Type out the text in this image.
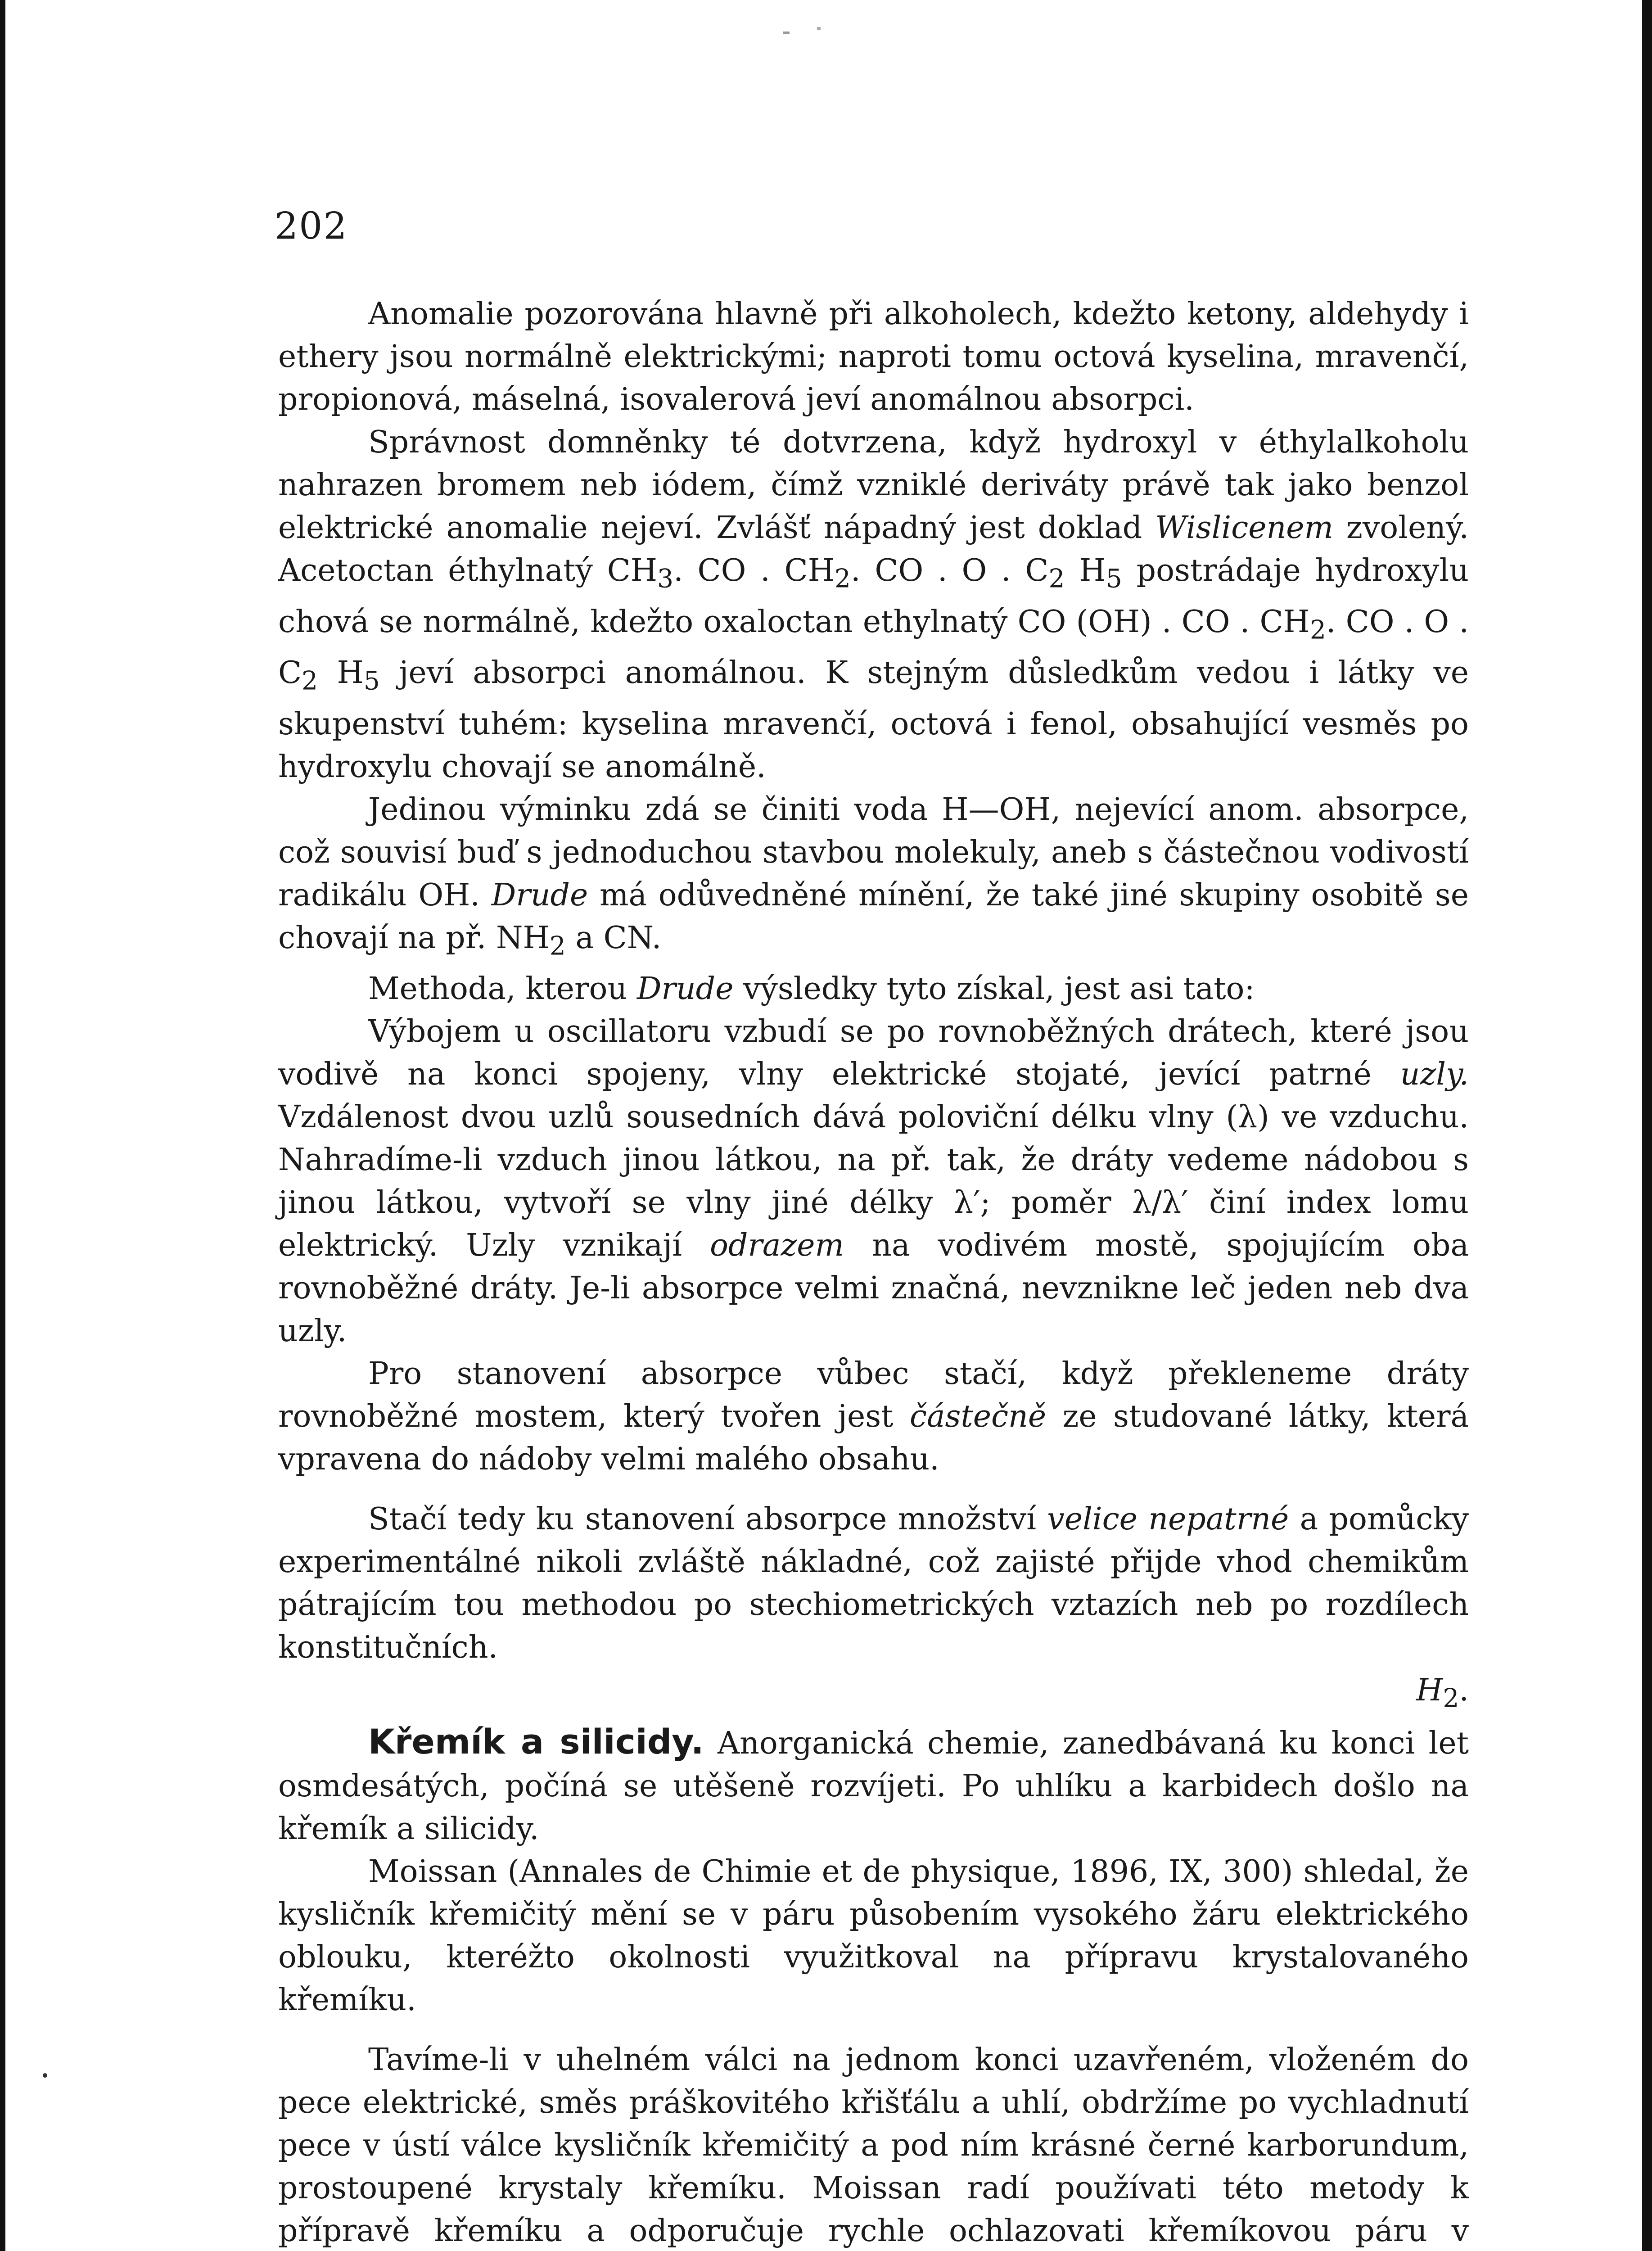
202

Anomalie pozorována hlavně při alkoholech, kdežto ketony, aldehydy i ethery jsou normálně elektrickými; naproti tomu octová kyselina, mravenčí, propionová, máselná, isovalerová jeví anomálnou absorpci.

Správnost domněnky té dotvrzena, když hydroxyl v éthylalkoholu nahrazen bromem neb iódem, čímž vzniklé deriváty právě tak jako benzol elektrické anomalie nejeví. Zvlášť nápadný jest doklad Wislicenem zvolený. Acetoctan éthylnatý $CH_3$. CO . $CH_2$. CO . O . $C_2$ $H_5$ postrádaje hydroxylu chová se normálně, kdežto oxaloctan ethylnatý CO (OH) . CO . $CH_2$. CO . O . $C_2$ $H_5$ jeví absorpci anomálnou. K stejným důsledkům vedou i látky ve skupenství tuhém: kyselina mravenčí, octová i fenol, obsahující vesměs po hydroxylu chovají se anomálně.

Jedinou výminku zdá se činiti voda H—OH, nejevící anom. absorpce, což souvisí buď s jednoduchou stavbou molekuly, aneb s částečnou vodivostí radikálu OH. Drude má odůvedněné mínění, že také jiné skupiny osobitě se chovají na př. $NH_2$ a CN.

Methoda, kterou Drude výsledky tyto získal, jest asi tato:

Výbojem u oscillatoru vzbudí se po rovnoběžných drátech, které jsou vodivě na konci spojeny, vlny elektrické stojaté, jevící patrné uzly. Vzdálenost dvou uzlů sousedních dává poloviční délku vlny (λ) ve vzduchu. Nahradíme-li vzduch jinou látkou, na př. tak, že dráty vedeme nádobou s jinou látkou, vytvoří se vlny jiné délky λ′; poměr λ/λ′ činí index lomu elektrický. Uzly vznikají odrazem na vodivém mostě, spojujícím oba rovnoběžné dráty. Je-li absorpce velmi značná, nevznikne leč jeden neb dva uzly.

Pro stanovení absorpce vůbec stačí, když překleneme dráty rovnoběžné mostem, který tvořen jest částečně ze studované látky, která vpravena do nádoby velmi malého obsahu.

Stačí tedy ku stanovení absorpce množství velice nepatrné a pomůcky experimentálné nikoli zvláště nákladné, což zajisté přijde vhod chemikům pátrajícím tou methodou po stechiometrických vztazích neb po rozdílech konstitučních.

$H_2$.

Křemík a silicidy. Anorganická chemie, zanedbávaná ku konci let osmdesátých, počíná se utěšeně rozvíjeti. Po uhlíku a karbidech došlo na křemík a silicidy.

Moissan (Annales de Chimie et de physique, 1896, IX, 300) shledal, že kysličník křemičitý mění se v páru působením vysokého žáru elektrického oblouku, kteréžto okolnosti využitkoval na přípravu krystalovaného křemíku.

Tavíme-li v uhelném válci na jednom konci uzavřeném, vloženém do pece elektrické, směs práškovitého křišťálu a uhlí, obdržíme po vychladnutí pece v ústí válce kysličník křemičitý a pod ním krásné černé karborundum, prostoupené krystaly křemíku. Moissan radí používati této metody k přípravě křemíku a odporučuje rychle ochlazovati křemíkovou páru v
